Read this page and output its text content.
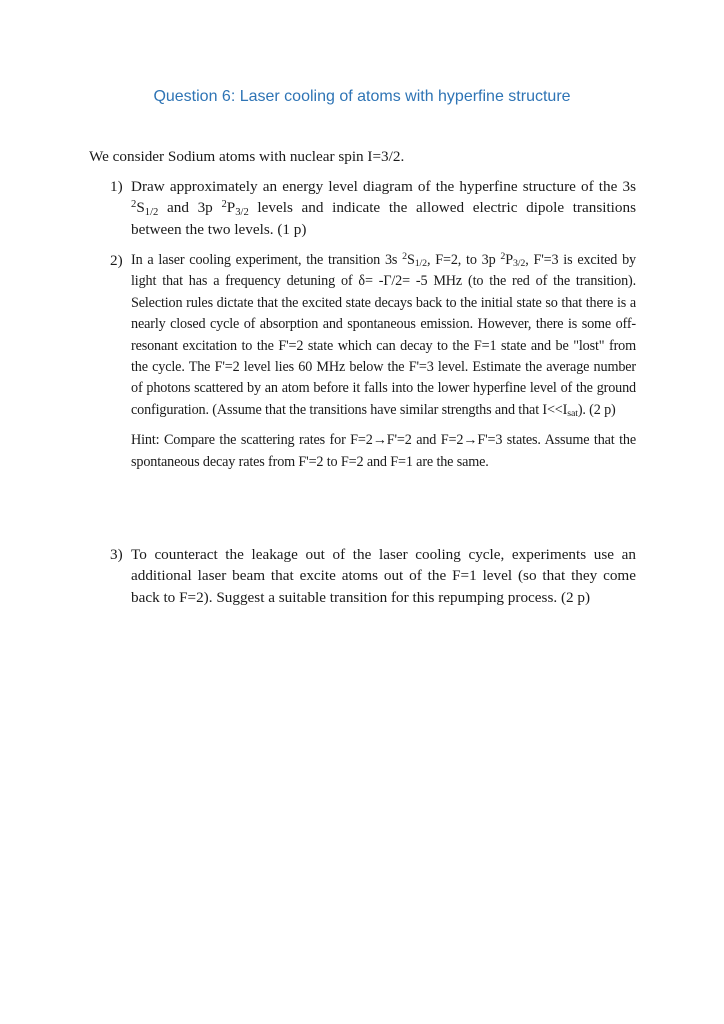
Question 6: Laser cooling of atoms with hyperfine structure

We consider Sodium atoms with nuclear spin I=3/2.

1) Draw approximately an energy level diagram of the hyperfine structure of the 3s $^2S_{1/2}$ and 3p $^2P_{3/2}$ levels and indicate the allowed electric dipole transitions between the two levels. (1 p)

2) In a laser cooling experiment, the transition 3s $^2S_{1/2}$, F=2, to 3p $^2P_{3/2}$, F'=3 is excited by light that has a frequency detuning of δ= -Γ/2= -5 MHz (to the red of the transition). Selection rules dictate that the excited state decays back to the initial state so that there is a nearly closed cycle of absorption and spontaneous emission. However, there is some off-resonant excitation to the F'=2 state which can decay to the F=1 state and be "lost" from the cycle. The F'=2 level lies 60 MHz below the F'=3 level. Estimate the average number of photons scattered by an atom before it falls into the lower hyperfine level of the ground configuration. (Assume that the transitions have similar strengths and that $I<<I_{sat}$). (2 p)

Hint: Compare the scattering rates for F=2→F'=2 and F=2→F'=3 states. Assume that the spontaneous decay rates from F'=2 to F=2 and F=1 are the same.

3) To counteract the leakage out of the laser cooling cycle, experiments use an additional laser beam that excite atoms out of the F=1 level (so that they come back to F=2). Suggest a suitable transition for this repumping process. (2 p)
